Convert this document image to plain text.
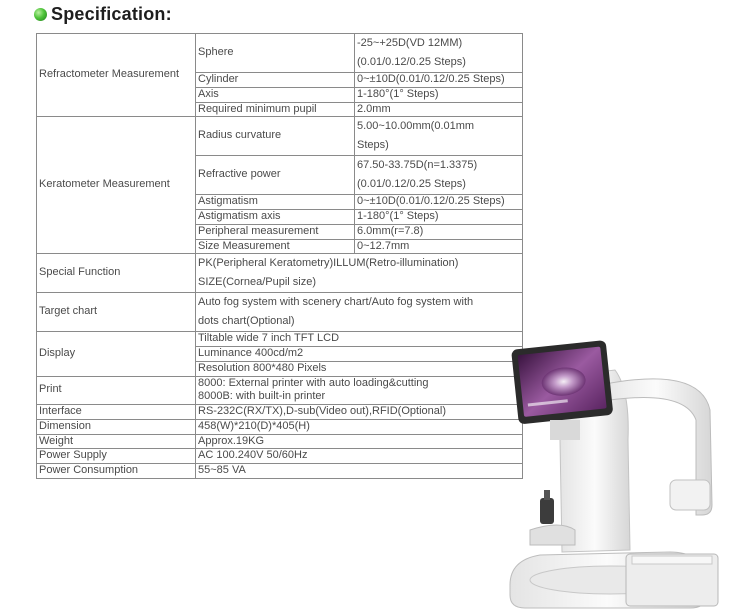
Specification:
Refractometer Measurement	Sphere	-25~+25D(VD 12MM)
(0.01/0.12/0.25 Steps)

	Cylinder	0~±10D(0.01/0.12/0.25 Steps)
	Axis	1-180°(1° Steps)
	Required minimum pupil	2.0mm
Keratometer Measurement	Radius curvature	5.00~10.00mm(0.01mm
Steps)

	Refractive power	67.50-33.75D(n=1.3375)
(0.01/0.12/0.25 Steps)

	Astigmatism	0~±10D(0.01/0.12/0.25 Steps)
	Astigmatism axis	1-180°(1° Steps)
	Peripheral measurement	6.0mm(r=7.8)
	Size Measurement	0~12.7mm
Special Function	PK(Peripheral Keratometry)ILLUM(Retro-illumination)
SIZE(Cornea/Pupil size)	

Target chart	Auto fog system with scenery chart/Auto fog system with
dots chart(Optional)	

Display	Tiltable wide 7 inch TFT LCD	
	Luminance 400cd/m2	
	Resolution 800*480 Pixels	
Print	8000: External printer with auto loading&cutting
8000B: with built-in printer	

Interface	RS-232C(RX/TX),D-sub(Video out),RFID(Optional)	
Dimension	458(W)*210(D)*405(H)	
Weight	Approx.19KG	
Power Supply	AC 100.240V 50/60Hz	
Power Consumption	55~85 VA	
